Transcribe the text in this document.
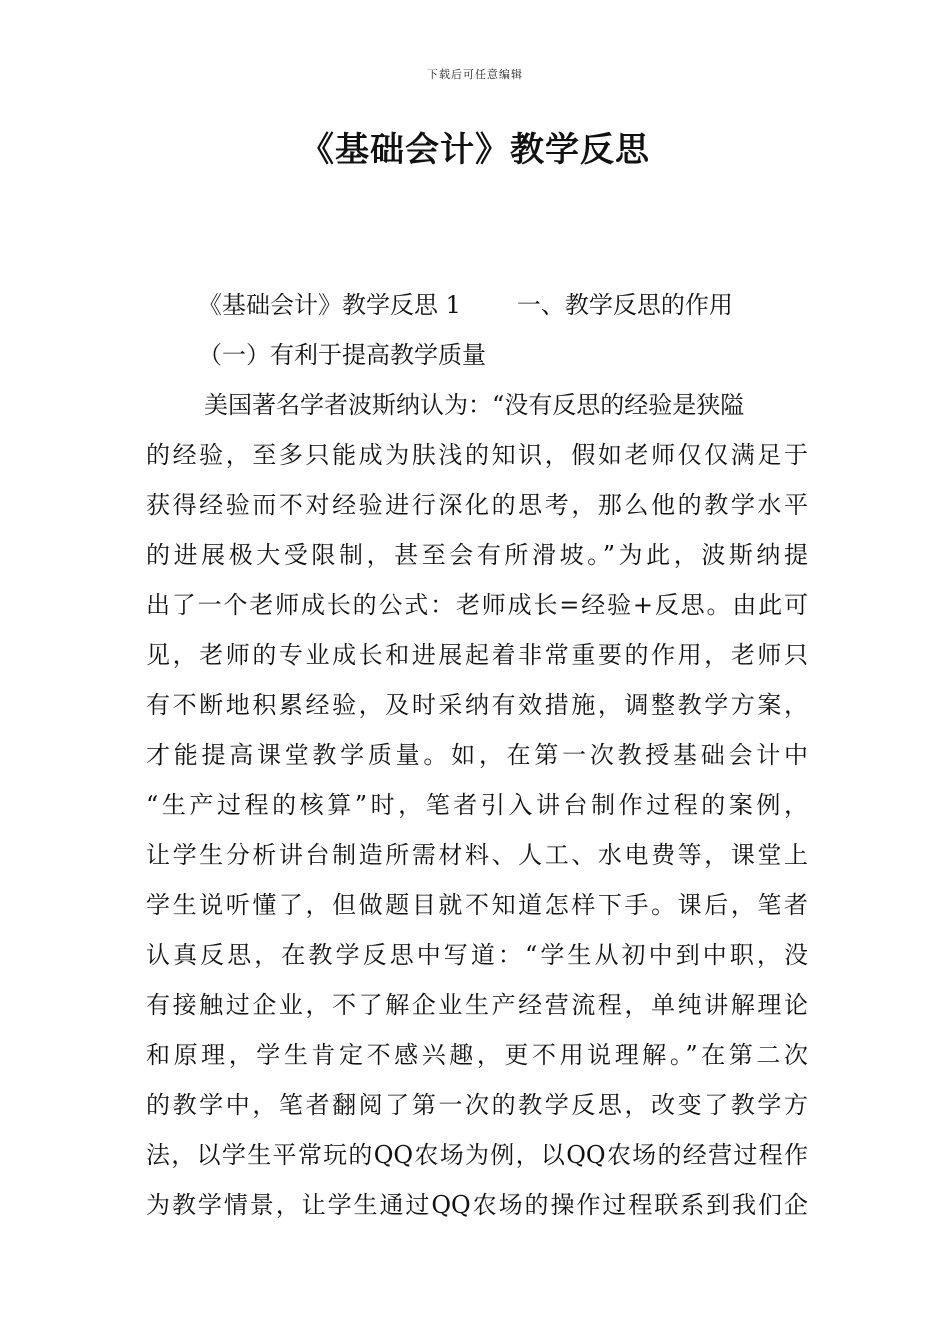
下载后可任意编辑
《基础会计》教学反思
《基础会计》教学反思 1 一、教学反思的作用
（一）有利于提高教学质量
美国著名学者波斯纳认为：“没有反思的经验是狭隘
的经验，至多只能成为肤浅的知识，假如老师仅仅满足于
获得经验而不对经验进行深化的思考，那么他的教学水平
的进展极大受限制，甚至会有所滑坡。”为此，波斯纳提
出了一个老师成长的公式：老师成长=经验+反思。由此可
见，老师的专业成长和进展起着非常重要的作用，老师只
有不断地积累经验，及时采纳有效措施，调整教学方案，
才能提高课堂教学质量。如，在第一次教授基础会计中
“生产过程的核算”时，笔者引入讲台制作过程的案例，
让学生分析讲台制造所需材料、人工、水电费等，课堂上
学生说听懂了，但做题目就不知道怎样下手。课后，笔者
认真反思，在教学反思中写道：“学生从初中到中职，没
有接触过企业，不了解企业生产经营流程，单纯讲解理论
和原理，学生肯定不感兴趣，更不用说理解。”在第二次
的教学中，笔者翻阅了第一次的教学反思，改变了教学方
法，以学生平常玩的QQ农场为例，以QQ农场的经营过程作
为教学情景，让学生通过QQ农场的操作过程联系到我们企
